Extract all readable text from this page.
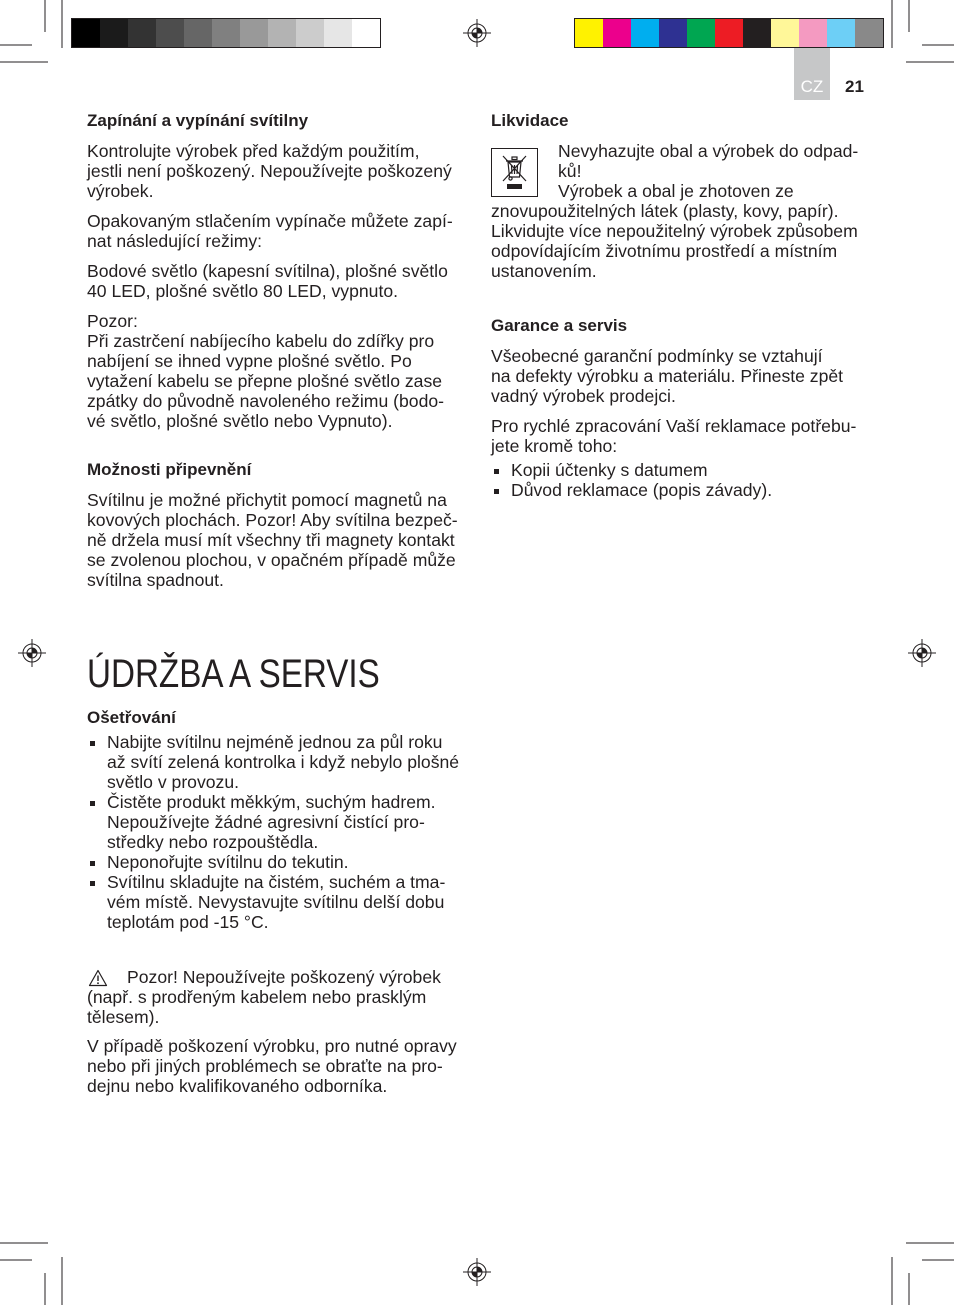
CZ	21
Zapínání a vypínání svítilny
Kontrolujte výrobek před každým použitím,
jestli není poškozený. Nepoužívejte poškozený
výrobek.
Opakovaným stlačením vypínače můžete zapí-
nat následující režimy:
Bodové světlo (kapesní svítilna), plošné světlo
40 LED, plošné světlo 80 LED, vypnuto.
Pozor:
Při zastrčení nabíjecího kabelu do zdířky pro
nabíjení se ihned vypne plošné světlo. Po
vytažení kabelu se přepne plošné světlo zase
zpátky do původně navoleného režimu (bodo-
vé světlo, plošné světlo nebo Vypnuto).
Možnosti připevnění
Svítilnu je možné přichytit pomocí magnetů na
kovových plochách. Pozor! Aby svítilna bezpeč-
ně držela musí mít všechny tři magnety kontakt
se zvolenou plochou, v opačném případě může
svítilna spadnout.
ÚDRŽBA A SERVIS
Ošetřování
Nabijte svítilnu nejméně jednou za půl roku
až svítí zelená kontrolka i když nebylo plošné
světlo v provozu.
Čistěte produkt měkkým, suchým hadrem.
Nepoužívejte žádné agresivní čistící pro-
středky nebo rozpouštědla.
Neponořujte svítilnu do tekutin.
Svítilnu skladujte na čistém, suchém a tma-
vém místě. Nevystavujte svítilnu delší dobu
teplotám pod -15 °C.
Pozor! Nepoužívejte poškozený výrobek
(např. s prodřeným kabelem nebo prasklým
tělesem).
V případě poškození výrobku, pro nutné opravy
nebo při jiných problémech se obraťte na pro-
dejnu nebo kvalifikovaného odborníka.
Likvidace
Nevyhazujte obal a výrobek do odpad-
ků!
Výrobek a obal je zhotoven ze
znovupoužitelných látek (plasty, kovy, papír).
Likvidujte více nepoužitelný výrobek způsobem
odpovídajícím životnímu prostředí a místním
ustanovením.
Garance a servis
Všeobecné garanční podmínky se vztahují
na defekty výrobku a materiálu. Přineste zpět
vadný výrobek prodejci.
Pro rychlé zpracování Vaší reklamace potřebu-
jete kromě toho:
Kopii účtenky s datumem
Důvod reklamace (popis závady).
